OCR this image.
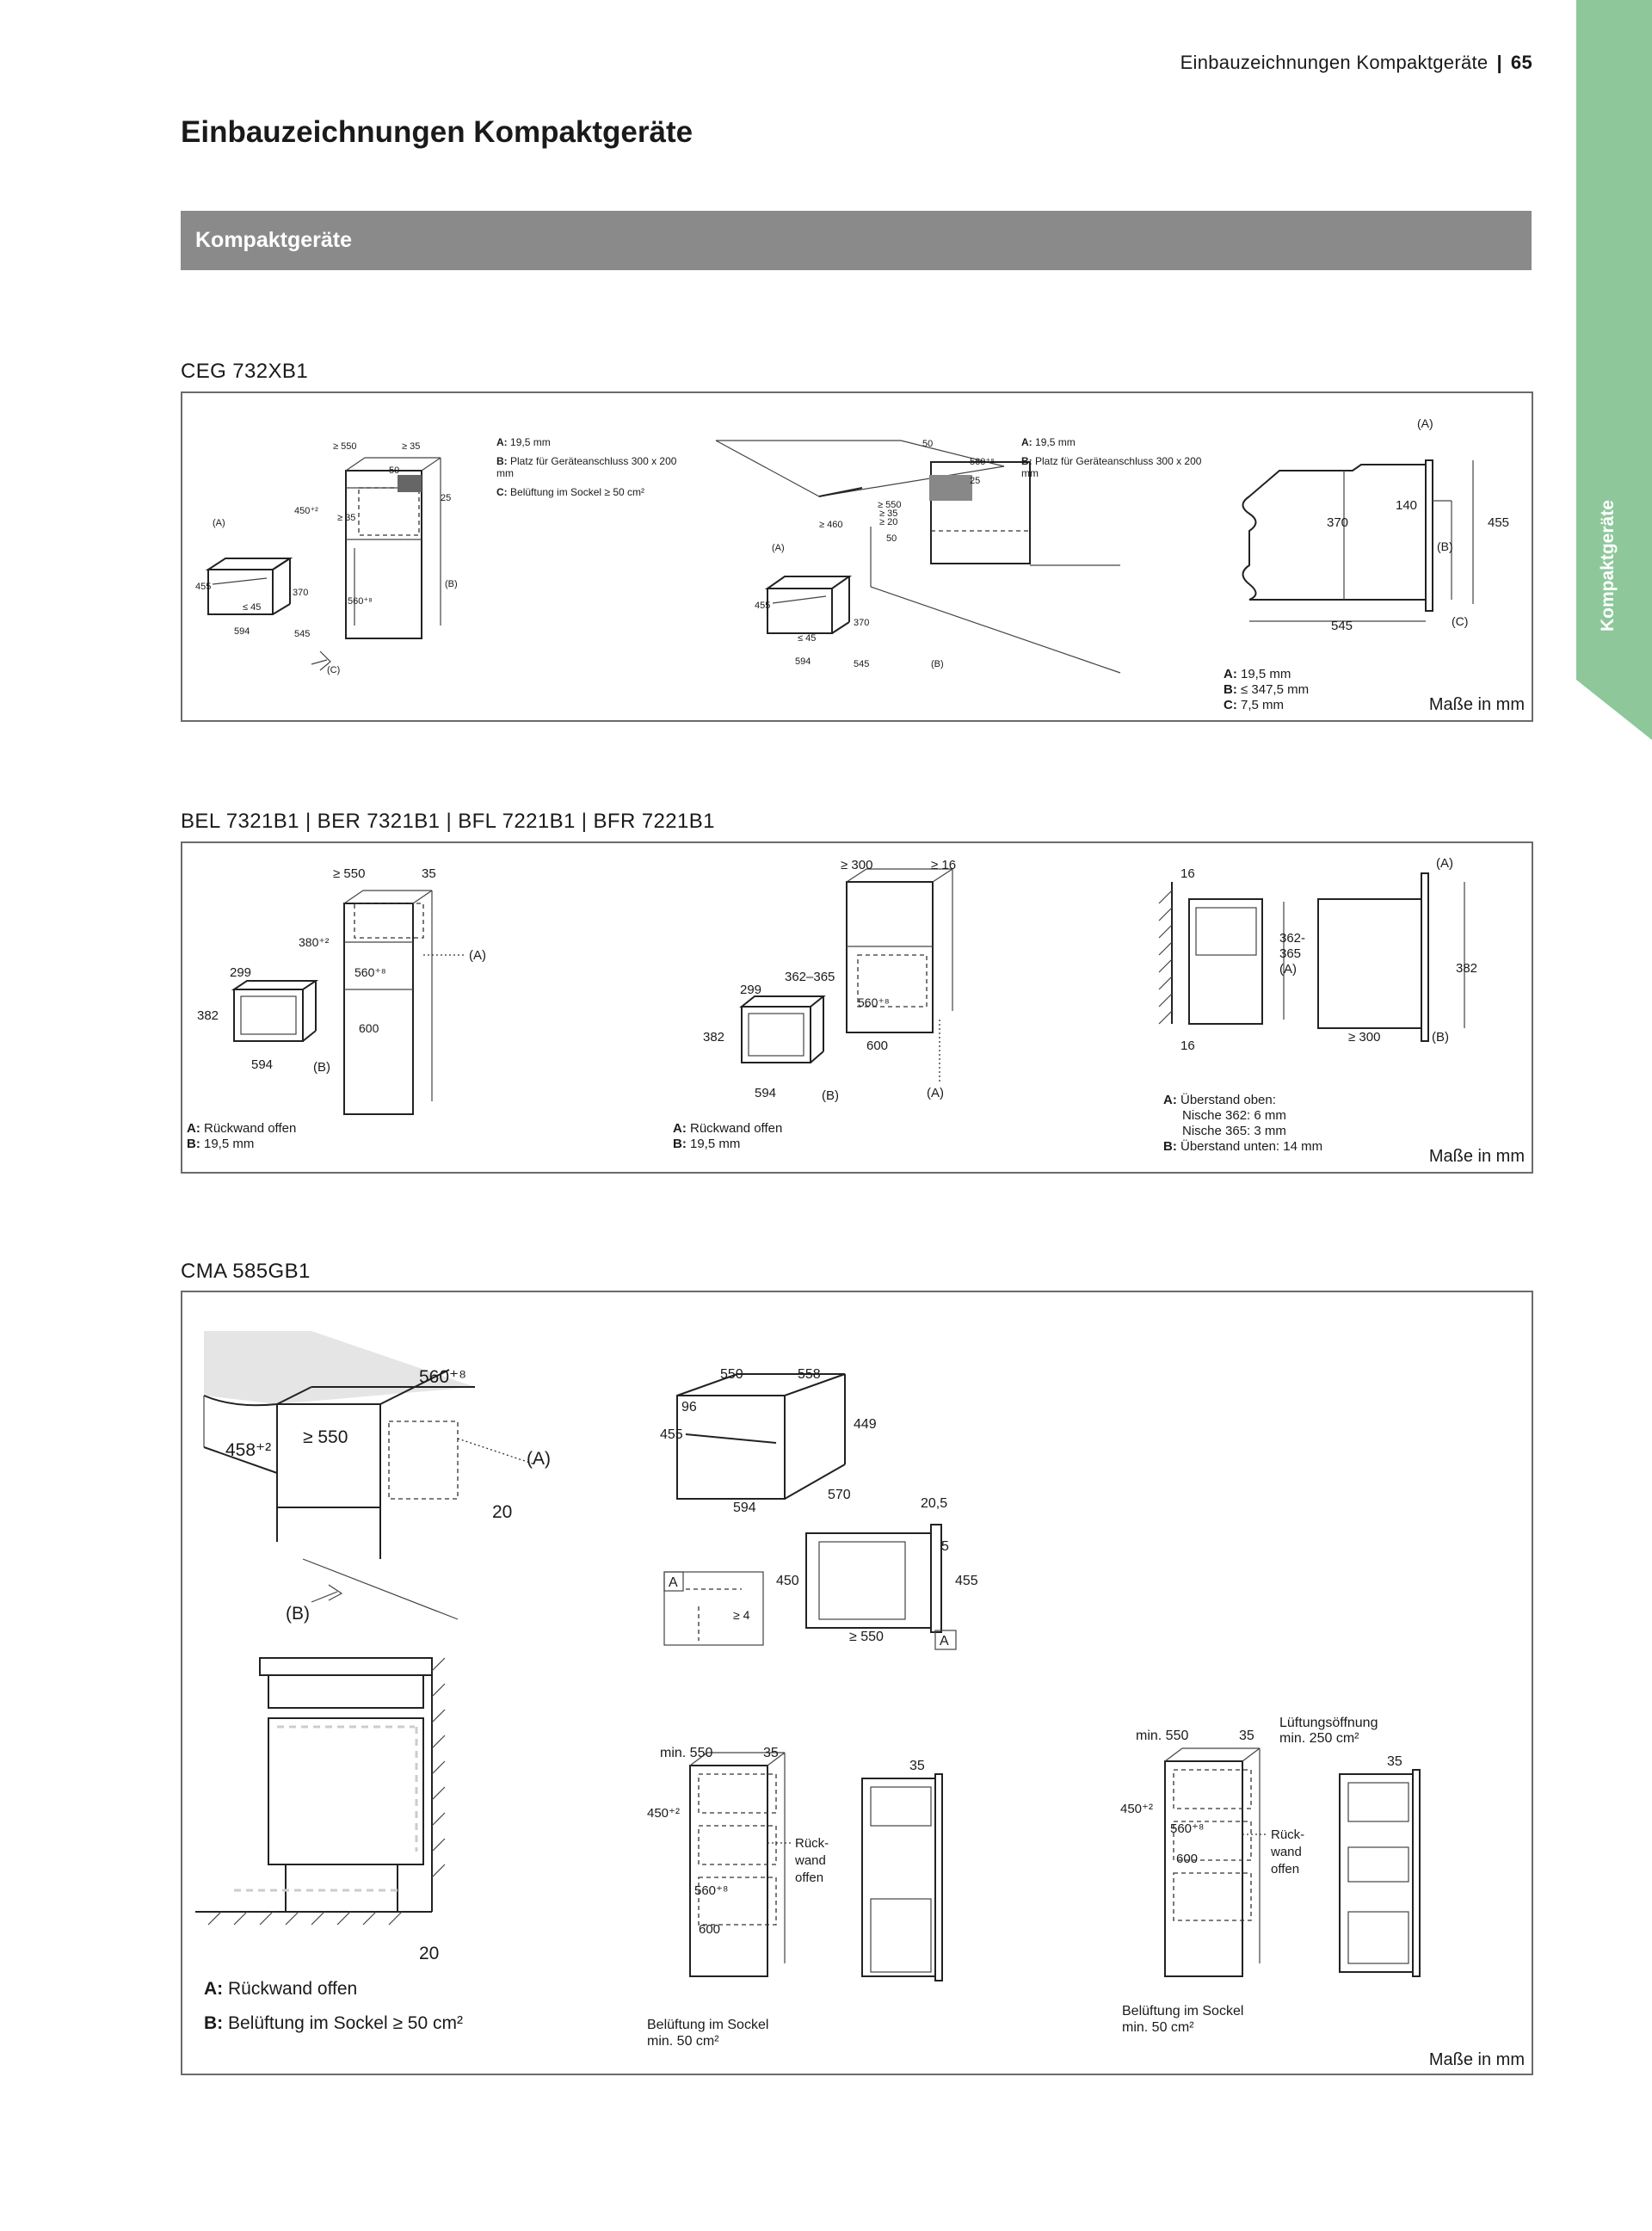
Einbauzeichnungen Kompaktgeräte | 65
Kompaktgeräte
Einbauzeichnungen Kompaktgeräte
Kompaktgeräte
CEG 732XB1
≥ 550	≥ 35
50
25
450⁺²
≥ 35
560⁺⁸
(B)
(C)
(A)
455
370
≤ 45
594	545
50
560⁺⁸
25
≥ 550
≥ 20
≥ 460
≥ 35
50
(B)
(A)
455
370
≤ 45
594	545
(A)
370
140
455
(B)
545	(C)
A: 19,5 mm
B: Platz für Geräteanschluss 300 x 200 mm
C: Belüftung im Sockel ≥ 50 cm²
A: 19,5 mm
B: Platz für Geräteanschluss 300 x 200 mm
A: 19,5 mm
B: ≤ 347,5 mm
C: 7,5 mm	Maße in mm
BEL 7321B1 | BER 7321B1 | BFL 7221B1 | BFR 7221B1
≥ 550	35
380⁺²
560⁺⁸
600
(A)
299
382
594	(B)
≥ 300	≥ 16
362–365
560⁺⁸
600
(A)
299
382
594	(B)
16
16
362-
365
(A)	382
≥ 300
(A)
(B)
A: Rückwand offen
B: 19,5 mm
A: Rückwand offen
B: 19,5 mm
A: Überstand oben:
Nische 362: 6 mm
Nische 365: 3 mm
B: Überstand unten: 14 mm
Maße in mm
CMA 585GB1
560⁺⁸
458⁺²
≥ 550
(A)
20
(B)
20
550	558
96
449
455
594
570
20,5
5
450	455
≥ 550	A
A
≥ 4
min. 550	35
450⁺²
560⁺⁸
600
Rück-
wand
offen
35
min. 550	35
Lüftungsöffnung
min. 250 cm²
450⁺²
560⁺⁸
600
Rück-
wand
offen
35
A: Rückwand offen
B: Belüftung im Sockel ≥ 50 cm²	Belüftung im Sockel
min. 50 cm²
Belüftung im Sockel
min. 50 cm²
Maße in mm
